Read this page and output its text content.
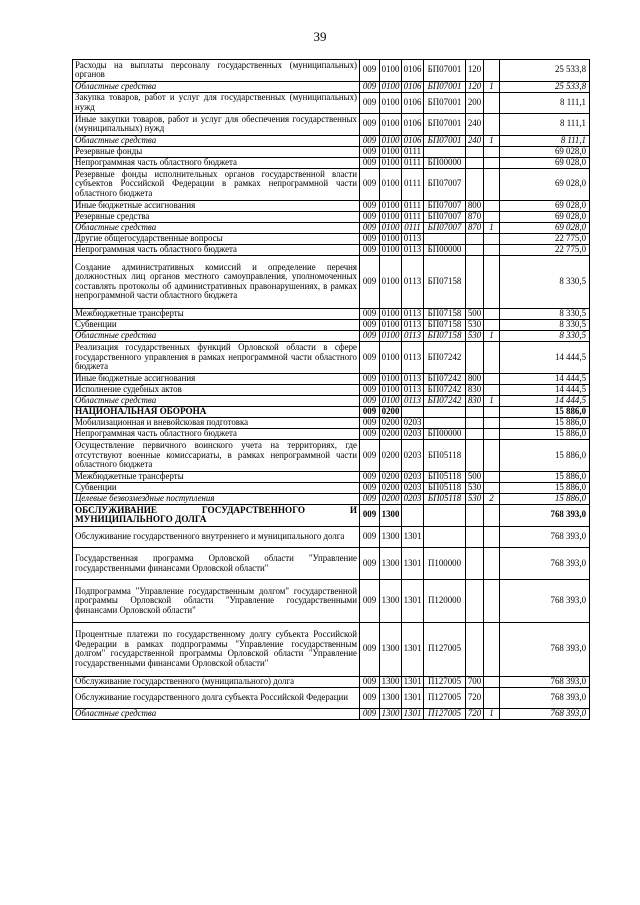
39
Расходы на выплаты персоналу государственных (муниципальных) органов	009	0100	0106	БП07001	120		25 533,8
Областные средства	009	0100	0106	БП07001	120	1	25 533,8
Закупка товаров, работ и услуг для государственных (муниципальных) нужд	009	0100	0106	БП07001	200		8 111,1
Иные закупки товаров, работ и услуг для обеспечения государственных (муниципальных) нужд	009	0100	0106	БП07001	240		8 111,1
Областные средства	009	0100	0106	БП07001	240	1	8 111,1
Резервные фонды	009	0100	0111				69 028,0
Непрограммная часть областного бюджета	009	0100	0111	БП00000			69 028,0
Резервные фонды исполнительных органов государственной власти субъектов Российской Федерации в рамках непрограммной части областного бюджета	009	0100	0111	БП07007			69 028,0
Иные бюджетные ассигнования	009	0100	0111	БП07007	800		69 028,0
Резервные средства	009	0100	0111	БП07007	870		69 028,0
Областные средства	009	0100	0111	БП07007	870	1	69 028,0
Другие общегосударственные вопросы	009	0100	0113				22 775,0
Непрограммная часть областного бюджета	009	0100	0113	БП00000			22 775,0
Создание административных комиссий и определение перечня должностных лиц органов местного самоуправления, уполномоченных составлять протоколы об административных правонарушениях, в рамках непрограммной части областного бюджета	009	0100	0113	БП07158			8 330,5
Межбюджетные трансферты	009	0100	0113	БП07158	500		8 330,5
Субвенции	009	0100	0113	БП07158	530		8 330,5
Областные средства	009	0100	0113	БП07158	530	1	8 330,5
Реализация государственных функций Орловской области в сфере государственного управления в рамках непрограммной части областного бюджета	009	0100	0113	БП07242			14 444,5
Иные бюджетные ассигнования	009	0100	0113	БП07242	800		14 444,5
Исполнение судебных актов	009	0100	0113	БП07242	830		14 444,5
Областные средства	009	0100	0113	БП07242	830	1	14 444,5
НАЦИОНАЛЬНАЯ ОБОРОНА	009	0200					15 886,0
Мобилизационная и вневойсковая подготовка	009	0200	0203				15 886,0
Непрограммная часть областного бюджета	009	0200	0203	БП00000			15 886,0
Осуществление первичного воинского учета на территориях, где отсутствуют военные комиссариаты, в рамках непрограммной части областного бюджета	009	0200	0203	БП05118			15 886,0
Межбюджетные трансферты	009	0200	0203	БП05118	500		15 886,0
Субвенции	009	0200	0203	БП05118	530		15 886,0
Целевые безвозмездные поступления	009	0200	0203	БП05118	530	2	15 886,0
ОБСЛУЖИВАНИЕ ГОСУДАРСТВЕННОГО И МУНИЦИПАЛЬНОГО ДОЛГА	009	1300					768 393,0
Обслуживание государственного внутреннего и муниципального долга	009	1300	1301				768 393,0
Государственная программа Орловской области "Управление государственными финансами Орловской области"	009	1300	1301	П100000			768 393,0
Подпрограмма "Управление государственным долгом" государственной программы Орловской области "Управление государственными финансами Орловской области"	009	1300	1301	П120000			768 393,0
Процентные платежи по государственному долгу субъекта Российской Федерации в рамках подпрограммы "Управление государственным долгом" государственной программы Орловской области "Управление государственными финансами Орловской области"	009	1300	1301	П127005			768 393,0
Обслуживание государственного (муниципального) долга	009	1300	1301	П127005	700		768 393,0
Обслуживание государственного долга субъекта Российской Федерации	009	1300	1301	П127005	720		768 393,0
Областные средства	009	1300	1301	П127005	720	1	768 393,0
